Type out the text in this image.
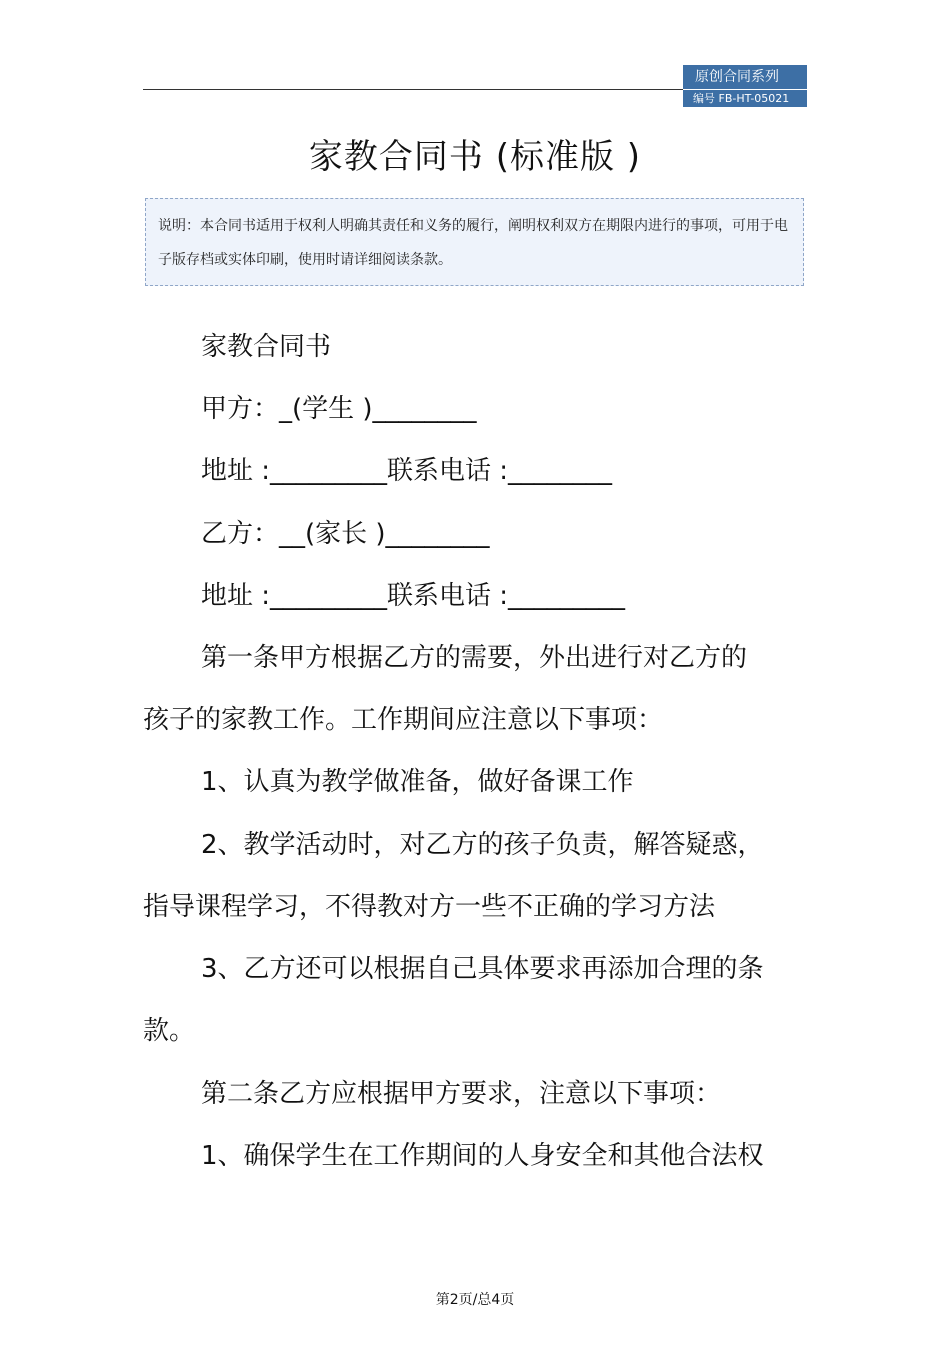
原创合同系列
编号 FB-HT-05021
家教合同书 (标准版 )
说明：本合同书适用于权利人明确其责任和义务的履行，阐明权利双方在期限内进行的事项，可用于电子版存档或实体印刷，使用时请详细阅读条款。
家教合同书
甲方：_(学生 )________
地址 :_________联系电话 :________
乙方：__(家长 )________
地址 :_________联系电话 :_________
第一条甲方根据乙方的需要，外出进行对乙方的
孩子的家教工作。工作期间应注意以下事项：
1、认真为教学做准备，做好备课工作
2、教学活动时，对乙方的孩子负责，解答疑惑，
指导课程学习，不得教对方一些不正确的学习方法
3、乙方还可以根据自己具体要求再添加合理的条
款。
第二条乙方应根据甲方要求，注意以下事项：
1、确保学生在工作期间的人身安全和其他合法权
第2页/总4页
